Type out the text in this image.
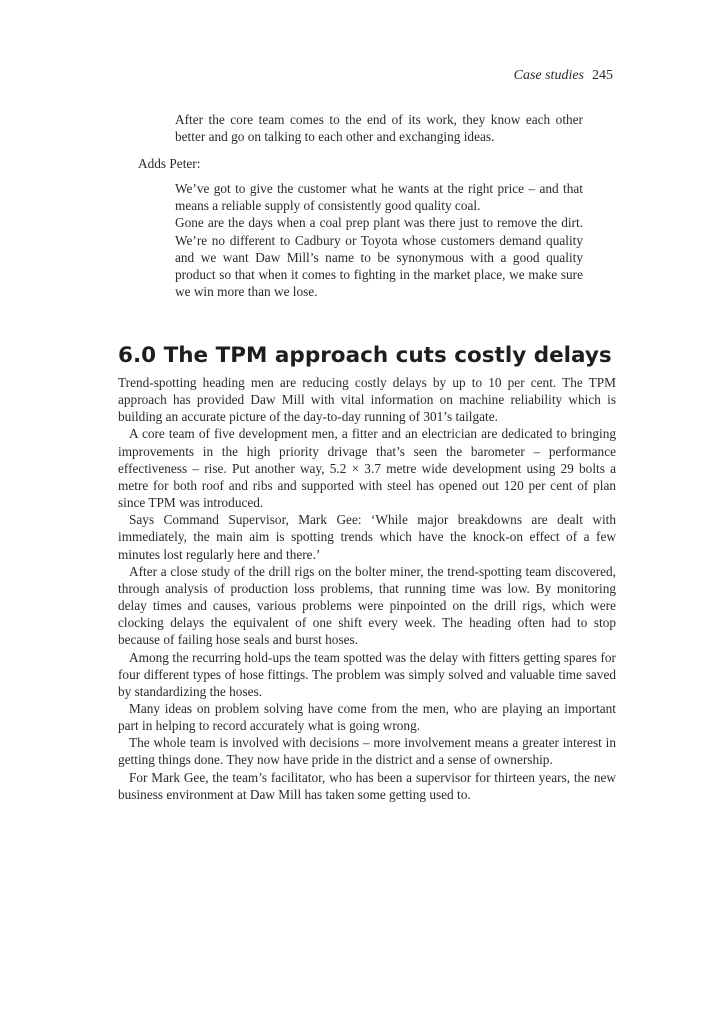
Case studies 245

After the core team comes to the end of its work, they know each other better and go on talking to each other and exchanging ideas.

Adds Peter:

We’ve got to give the customer what he wants at the right price – and that means a reliable supply of consistently good quality coal.

Gone are the days when a coal prep plant was there just to remove the dirt. We’re no different to Cadbury or Toyota whose customers demand quality and we want Daw Mill’s name to be synonymous with a good quality product so that when it comes to fighting in the market place, we make sure we win more than we lose.

6.0 The TPM approach cuts costly delays

Trend-spotting heading men are reducing costly delays by up to 10 per cent. The TPM approach has provided Daw Mill with vital information on machine reliability which is building an accurate picture of the day-to-day running of 301’s tailgate.

A core team of five development men, a fitter and an electrician are dedicated to bringing improvements in the high priority drivage that’s seen the barometer – performance effectiveness – rise. Put another way, 5.2 × 3.7 metre wide development using 29 bolts a metre for both roof and ribs and supported with steel has opened out 120 per cent of plan since TPM was introduced.

Says Command Supervisor, Mark Gee: ‘While major breakdowns are dealt with immediately, the main aim is spotting trends which have the knock-on effect of a few minutes lost regularly here and there.’

After a close study of the drill rigs on the bolter miner, the trend-spotting team discovered, through analysis of production loss problems, that running time was low. By monitoring delay times and causes, various problems were pinpointed on the drill rigs, which were clocking delays the equivalent of one shift every week. The heading often had to stop because of failing hose seals and burst hoses.

Among the recurring hold-ups the team spotted was the delay with fitters getting spares for four different types of hose fittings. The problem was simply solved and valuable time saved by standardizing the hoses.

Many ideas on problem solving have come from the men, who are playing an important part in helping to record accurately what is going wrong.

The whole team is involved with decisions – more involvement means a greater interest in getting things done. They now have pride in the district and a sense of ownership.

For Mark Gee, the team’s facilitator, who has been a supervisor for thirteen years, the new business environment at Daw Mill has taken some getting used to.
